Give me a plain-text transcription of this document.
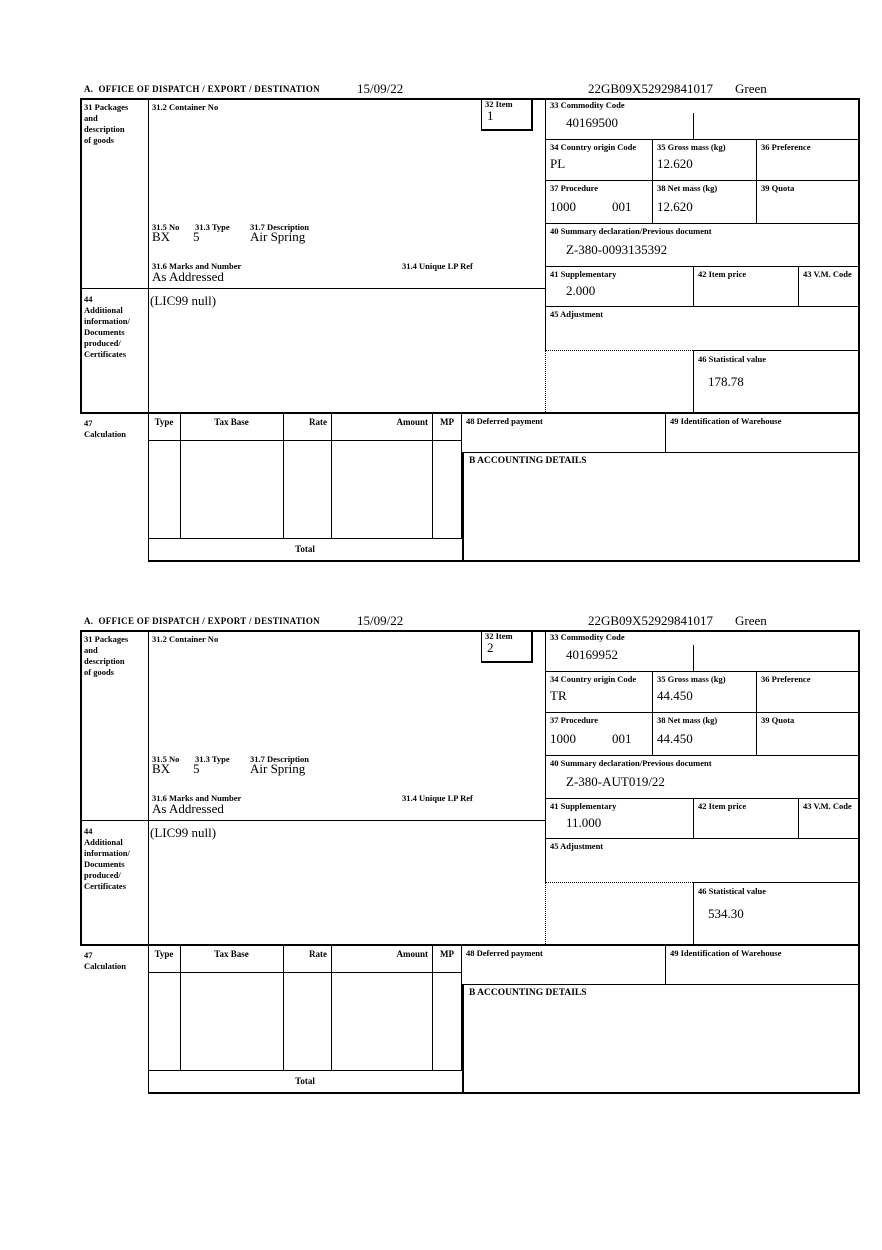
A.  OFFICE OF DISPATCH / EXPORT / DESTINATION	15/09/22	22GB09X52929841017 Green
31 Packages
and
description
of goods
44
Additional
information/
Documents
produced/
Certificates
47
Calculation
31.2 Container No
31.5 No 31.3 Type 31.7 Description
BX 5	Air Spring
31.6 Marks and Number	31.4 Unique LP Ref
As Addressed
(LIC99 null)
32 Item
1
33 Commodity Code
40169500
34 Country origin Code
PL
35 Gross mass (kg)
12.620
36 Preference
37 Procedure
1000	001
38 Net mass (kg)
12.620
39 Quota
40 Summary declaration/Previous document
Z-380-0093135392
41 Supplementary
2.000
42 Item price	43 V.M. Code
45 Adjustment
46 Statistical value
178.78
Type	Tax Base	Rate	Amount	MP
Total
48 Deferred payment	49 Identification of Warehouse
B ACCOUNTING DETAILS
A.  OFFICE OF DISPATCH / EXPORT / DESTINATION	15/09/22	22GB09X52929841017 Green
31 Packages
and
description
of goods
44
Additional
information/
Documents
produced/
Certificates
47
Calculation
31.2 Container No
31.5 No 31.3 Type 31.7 Description
BX 5	Air Spring
31.6 Marks and Number	31.4 Unique LP Ref
As Addressed
(LIC99 null)
32 Item
2
33 Commodity Code
40169952
34 Country origin Code
TR
35 Gross mass (kg)
44.450
36 Preference
37 Procedure
1000	001
38 Net mass (kg)
44.450
39 Quota
40 Summary declaration/Previous document
Z-380-AUT019/22
41 Supplementary
11.000
42 Item price	43 V.M. Code
45 Adjustment
46 Statistical value
534.30
Type	Tax Base	Rate	Amount	MP
Total
48 Deferred payment	49 Identification of Warehouse
B ACCOUNTING DETAILS
